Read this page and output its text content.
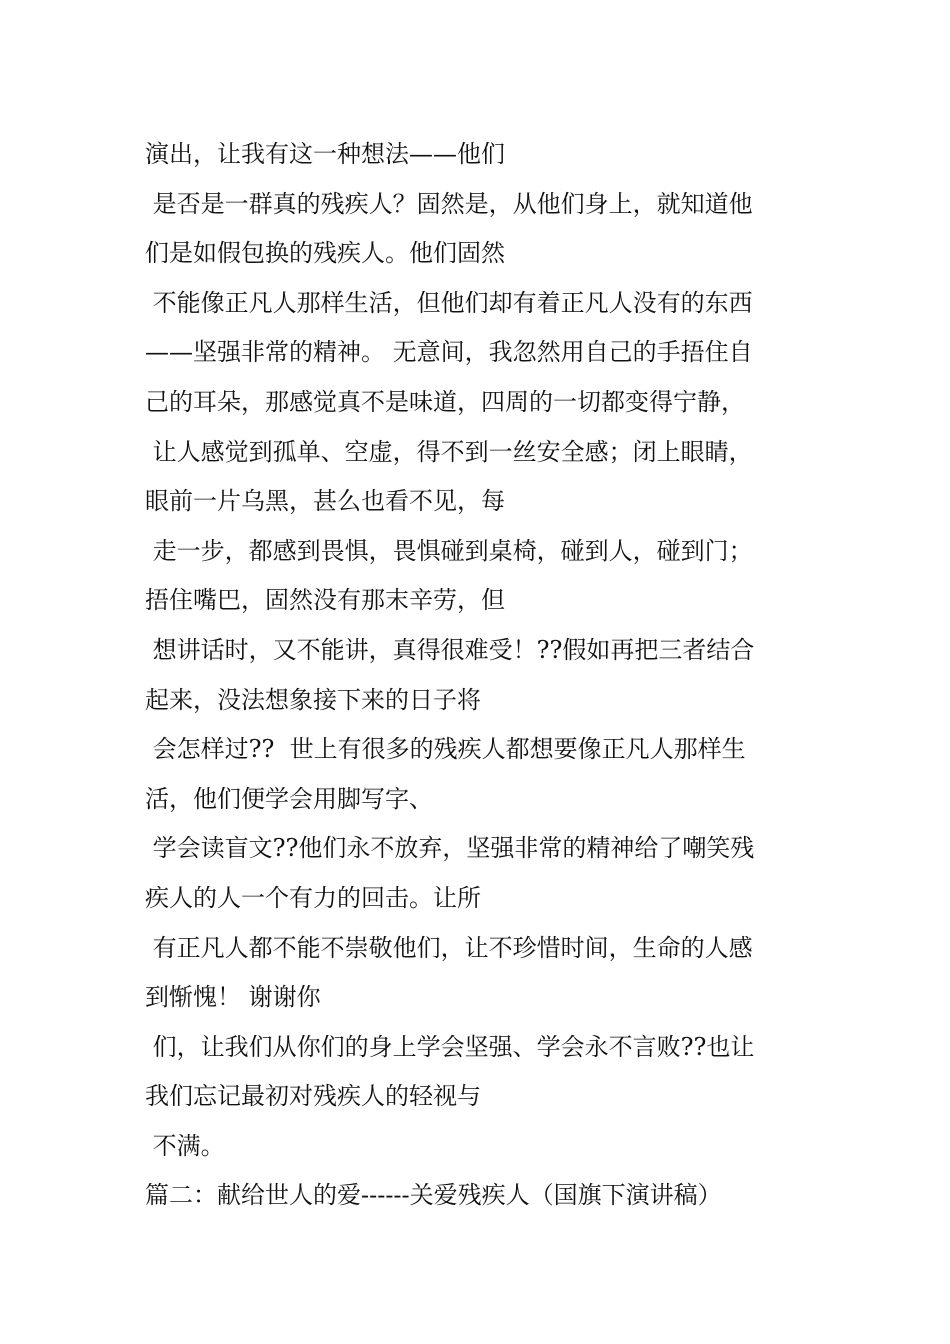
演出，让我有这一种想法——他们
是否是一群真的残疾人？固然是，从他们身上，就知道他
们是如假包换的残疾人。他们固然
不能像正凡人那样生活，但他们却有着正凡人没有的东西
——坚强非常的精神。 无意间，我忽然用自己的手捂住自
己的耳朵，那感觉真不是味道，四周的一切都变得宁静，
让人感觉到孤单、空虚，得不到一丝安全感；闭上眼睛，
眼前一片乌黑，甚么也看不见，每
走一步，都感到畏惧，畏惧碰到桌椅，碰到人，碰到门；
捂住嘴巴，固然没有那末辛劳，但
想讲话时，又不能讲，真得很难受！??假如再把三者结合
起来，没法想象接下来的日子将
会怎样过??  世上有很多的残疾人都想要像正凡人那样生
活，他们便学会用脚写字、
学会读盲文??他们永不放弃，坚强非常的精神给了嘲笑残
疾人的人一个有力的回击。让所
有正凡人都不能不崇敬他们，让不珍惜时间，生命的人感
到惭愧！ 谢谢你
们，让我们从你们的身上学会坚强、学会永不言败??也让
我们忘记最初对残疾人的轻视与
不满。
篇二：献给世人的爱------关爱残疾人（国旗下演讲稿）
